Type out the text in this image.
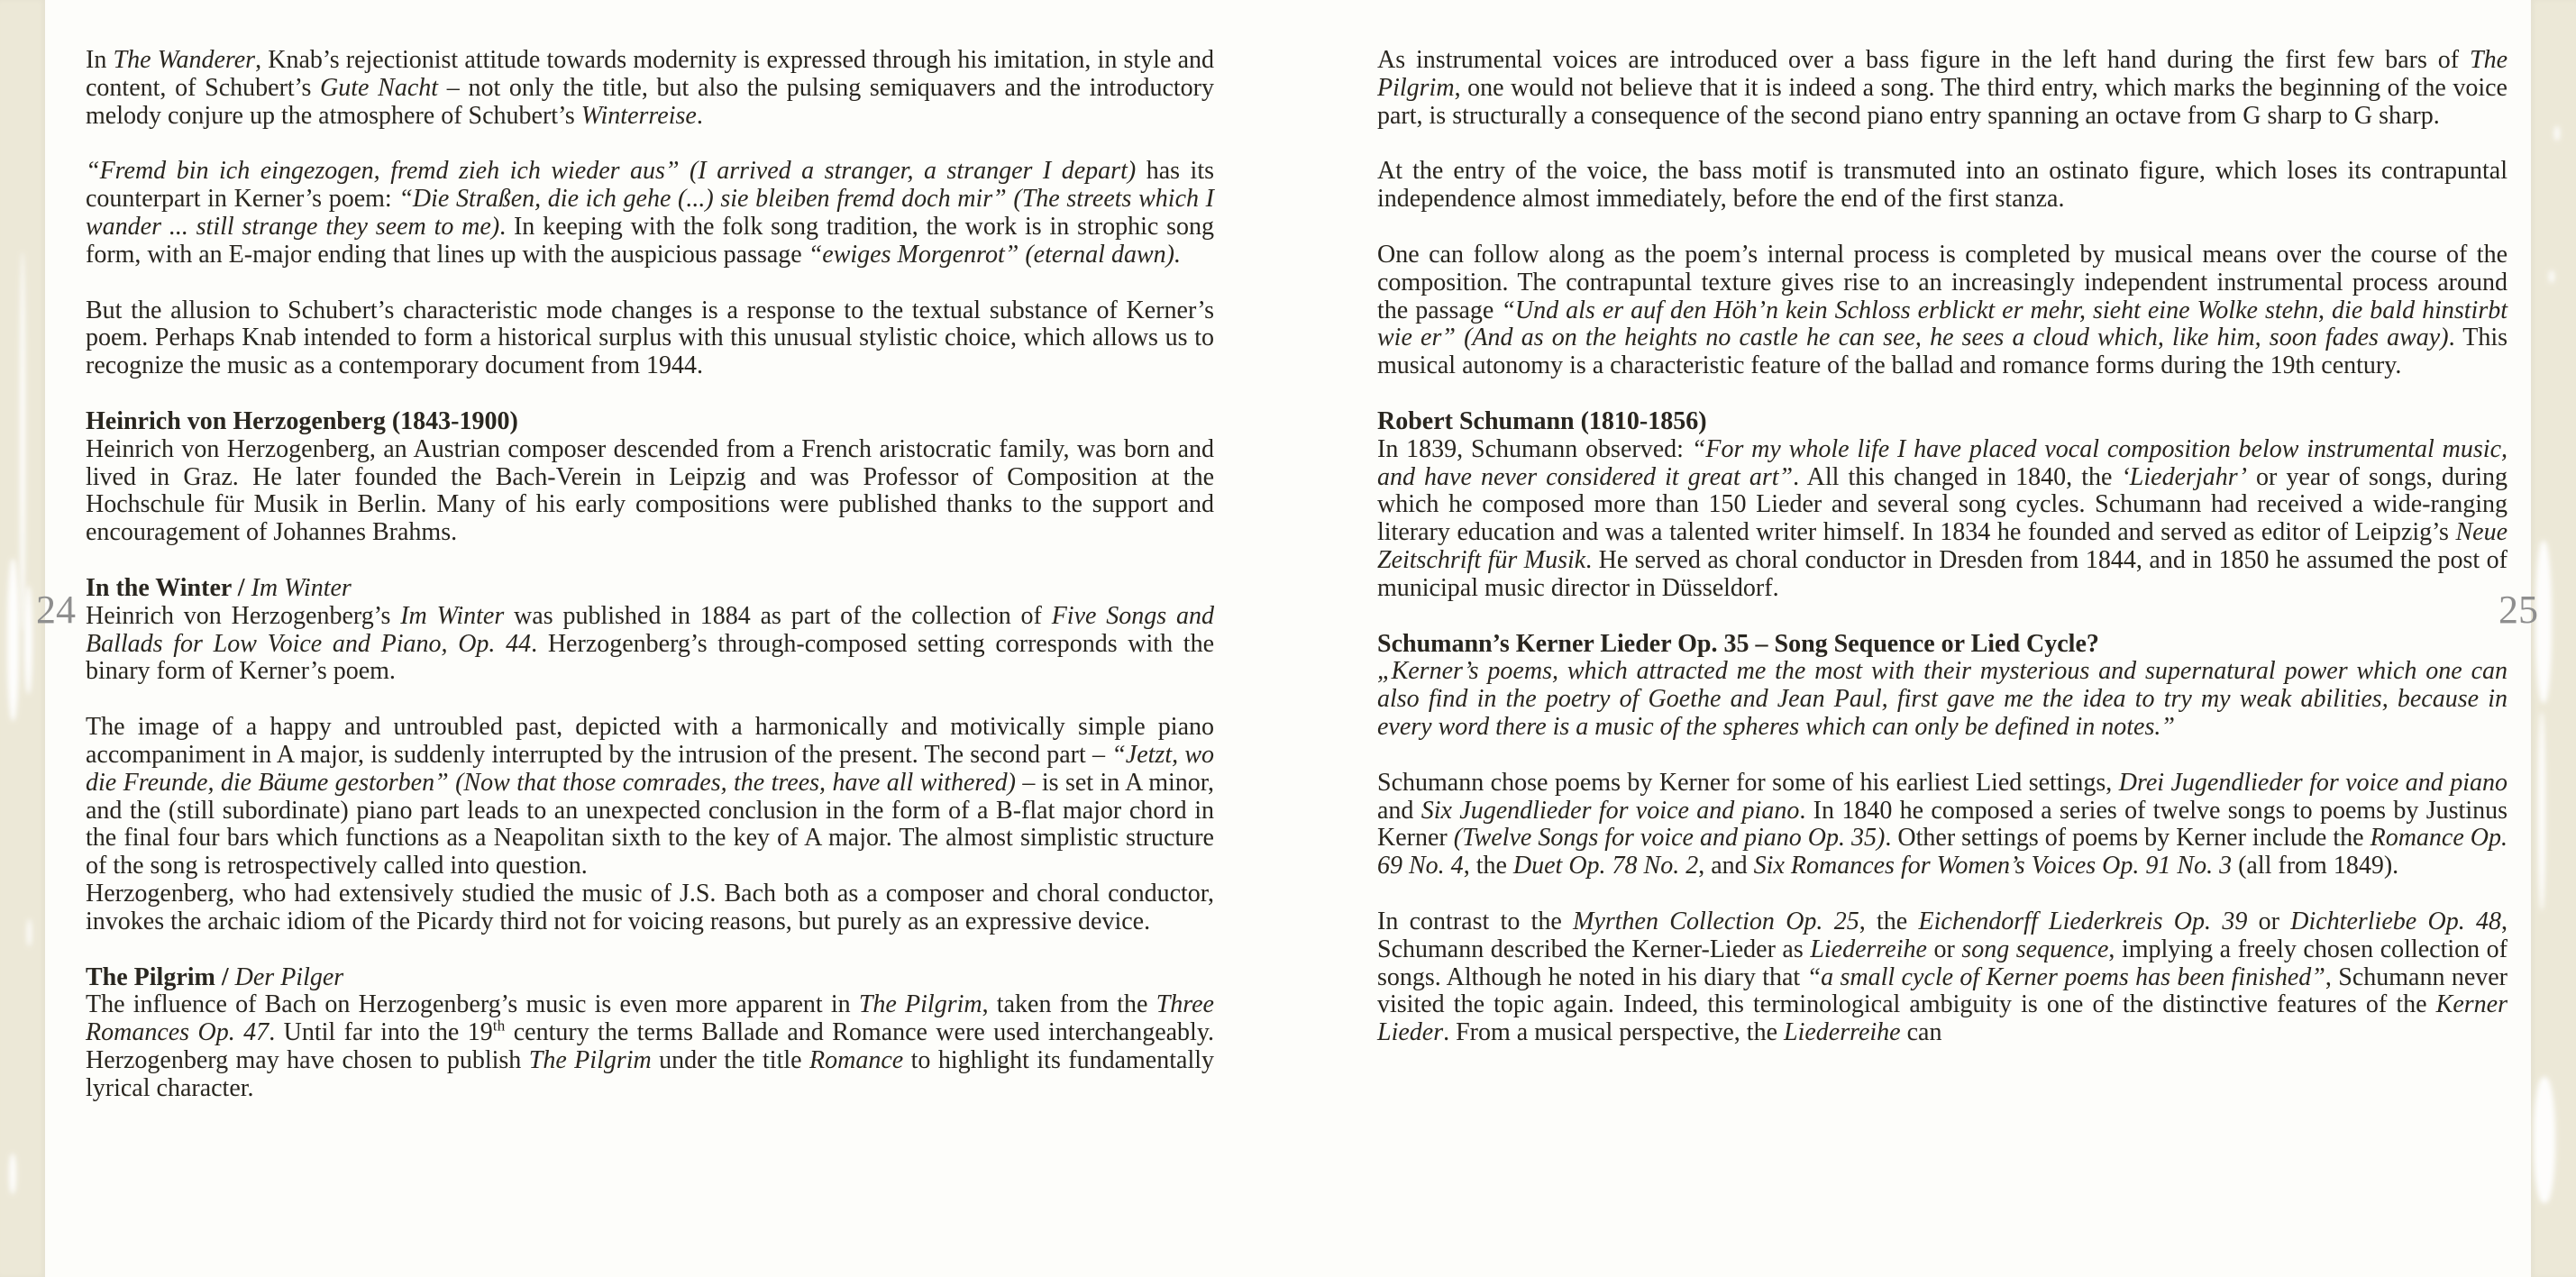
24	25
In The Wanderer, Knab’s rejectionist attitude towards modernity is expressed through his imitation, in style and content, of Schubert’s Gute Nacht – not only the title, but also the pulsing semiquavers and the introductory melody conjure up the atmosphere of Schubert’s Winterreise.
“Fremd bin ich eingezogen, fremd zieh ich wieder aus” (I arrived a stranger, a stranger I depart) has its counterpart in Kerner’s poem: “Die Straßen, die ich gehe (...) sie bleiben fremd doch mir” (The streets which I wander ... still strange they seem to me). In keeping with the folk song tradition, the work is in strophic song form, with an E-major ending that lines up with the auspicious passage “ewiges Morgenrot” (eternal dawn).
But the allusion to Schubert’s characteristic mode changes is a response to the textual substance of Kerner’s poem. Perhaps Knab intended to form a historical surplus with this unusual stylistic choice, which allows us to recognize the music as a contemporary document from 1944.
Heinrich von Herzogenberg (1843-1900)
Heinrich von Herzogenberg, an Austrian composer descended from a French aristocratic family, was born and lived in Graz. He later founded the Bach-Verein in Leipzig and was Professor of Composition at the Hochschule für Musik in Berlin. Many of his early compositions were published thanks to the support and encouragement of Johannes Brahms.
In the Winter / Im Winter
Heinrich von Herzogenberg’s Im Winter was published in 1884 as part of the collection of Five Songs and Ballads for Low Voice and Piano, Op. 44. Herzogenberg’s through-composed setting corresponds with the binary form of Kerner’s poem.
The image of a happy and untroubled past, depicted with a harmonically and motivically simple piano accompaniment in A major, is suddenly interrupted by the intrusion of the present. The second part – “Jetzt, wo die Freunde, die Bäume gestorben” (Now that those comrades, the trees, have all withered) – is set in A minor, and the (still subordinate) piano part leads to an unexpected conclusion in the form of a B-flat major chord in the final four bars which functions as a Neapolitan sixth to the key of A major. The almost simplistic structure of the song is retrospectively called into question.
Herzogenberg, who had extensively studied the music of J.S. Bach both as a composer and choral conductor, invokes the archaic idiom of the Picardy third not for voicing reasons, but purely as an expressive device.
The Pilgrim / Der Pilger
The influence of Bach on Herzogenberg’s music is even more apparent in The Pilgrim, taken from the Three Romances Op. 47. Until far into the 19th century the terms Ballade and Romance were used interchangeably. Herzogenberg may have chosen to publish The Pilgrim under the title Romance to highlight its fundamentally lyrical character.
As instrumental voices are introduced over a bass figure in the left hand during the first few bars of The Pilgrim, one would not believe that it is indeed a song. The third entry, which marks the beginning of the voice part, is structurally a consequence of the second piano entry spanning an octave from G sharp to G sharp.
At the entry of the voice, the bass motif is transmuted into an ostinato figure, which loses its contrapuntal independence almost immediately, before the end of the first stanza.
One can follow along as the poem’s internal process is completed by musical means over the course of the composition. The contrapuntal texture gives rise to an increasingly independent instrumental process around the passage “Und als er auf den Höh’n kein Schloss erblickt er mehr, sieht eine Wolke stehn, die bald hinstirbt wie er” (And as on the heights no castle he can see, he sees a cloud which, like him, soon fades away). This musical autonomy is a characteristic feature of the ballad and romance forms during the 19th century.
Robert Schumann (1810-1856)
In 1839, Schumann observed: “For my whole life I have placed vocal composition below instrumental music, and have never considered it great art”. All this changed in 1840, the ‘Liederjahr’ or year of songs, during which he composed more than 150 Lieder and several song cycles. Schumann had received a wide-ranging literary education and was a talented writer himself. In 1834 he founded and served as editor of Leipzig’s Neue Zeitschrift für Musik. He served as choral conductor in Dresden from 1844, and in 1850 he assumed the post of municipal music director in Düsseldorf.
Schumann’s Kerner Lieder Op. 35 – Song Sequence or Lied Cycle?
„Kerner’s poems, which attracted me the most with their mysterious and supernatural power which one can also find in the poetry of Goethe and Jean Paul, first gave me the idea to try my weak abilities, because in every word there is a music of the spheres which can only be defined in notes.”
Schumann chose poems by Kerner for some of his earliest Lied settings, Drei Jugendlieder for voice and piano and Six Jugendlieder for voice and piano. In 1840 he composed a series of twelve songs to poems by Justinus Kerner (Twelve Songs for voice and piano Op. 35). Other settings of poems by Kerner include the Romance Op. 69 No. 4, the Duet Op. 78 No. 2, and Six Romances for Women’s Voices Op. 91 No. 3 (all from 1849).
In contrast to the Myrthen Collection Op. 25, the Eichendorff Liederkreis Op. 39 or Dichterliebe Op. 48, Schumann described the Kerner-Lieder as Liederreihe or song sequence, implying a freely chosen collection of songs. Although he noted in his diary that “a small cycle of Kerner poems has been finished”, Schumann never visited the topic again. Indeed, this terminological ambiguity is one of the distinctive features of the Kerner Lieder. From a musical perspective, the Liederreihe can
